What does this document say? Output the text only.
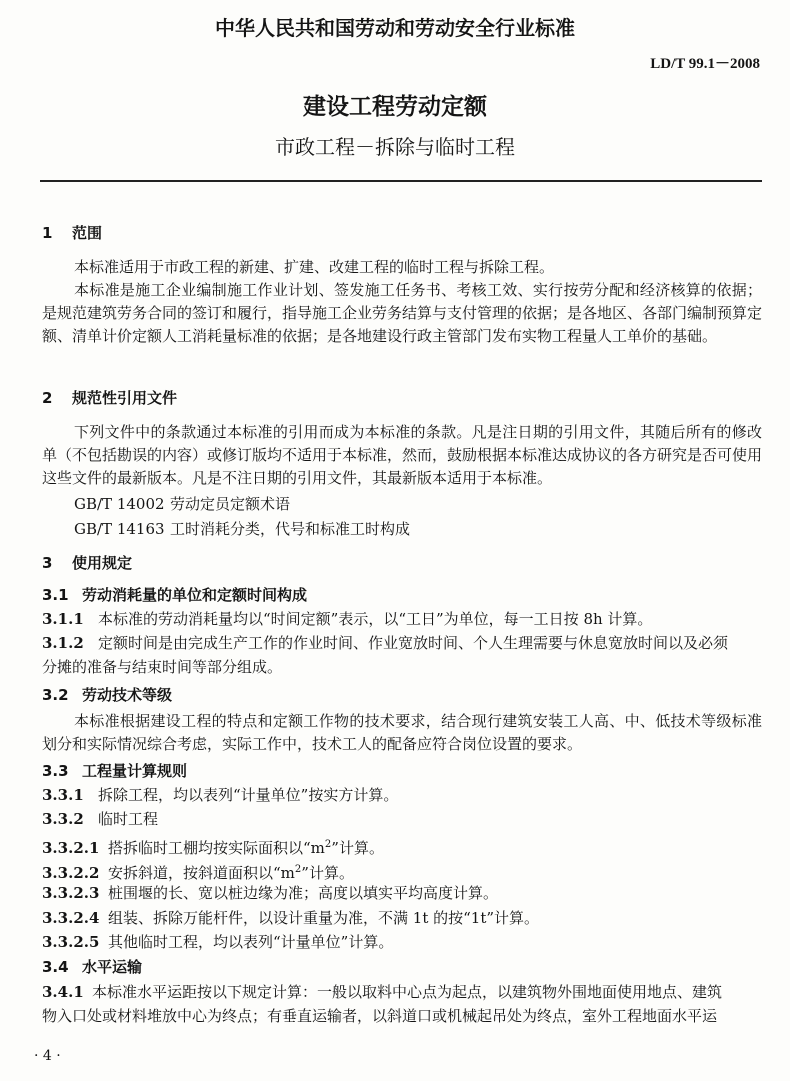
中华人民共和国劳动和劳动安全行业标准
LD/T 99.1－2008
建设工程劳动定额
市政工程－拆除与临时工程
1 范围

本标准适用于市政工程的新建、扩建、改建工程的临时工程与拆除工程。

本标准是施工企业编制施工作业计划、签发施工任务书、考核工效、实行按劳分配和经济核算的依据；是规范建筑劳务合同的签订和履行，指导施工企业劳务结算与支付管理的依据；是各地区、各部门编制预算定额、清单计价定额人工消耗量标准的依据；是各地建设行政主管部门发布实物工程量人工单价的基础。

2 规范性引用文件

下列文件中的条款通过本标准的引用而成为本标准的条款。凡是注日期的引用文件，其随后所有的修改单（不包括勘误的内容）或修订版均不适用于本标准，然而，鼓励根据本标准达成协议的各方研究是否可使用这些文件的最新版本。凡是不注日期的引用文件，其最新版本适用于本标准。

GB/T 14002 劳动定员定额术语
GB/T 14163 工时消耗分类，代号和标准工时构成
3 使用规定
3.1 劳动消耗量的单位和定额时间构成
3.1.1 本标准的劳动消耗量均以“时间定额”表示，以“工日”为单位，每一工日按 8h 计算。
3.1.2 定额时间是由完成生产工作的作业时间、作业宽放时间、个人生理需要与休息宽放时间以及必须
分摊的准备与结束时间等部分组成。
3.2 劳动技术等级

本标准根据建设工程的特点和定额工作物的技术要求，结合现行建筑安装工人高、中、低技术等级标准划分和实际情况综合考虑，实际工作中，技术工人的配备应符合岗位设置的要求。

3.3 工程量计算规则
3.3.1 拆除工程，均以表列“计量单位”按实方计算。
3.3.2 临时工程
3.3.2.1 搭拆临时工棚均按实际面积以“$m^2$”计算。
3.3.2.2 安拆斜道，按斜道面积以“$m^2$”计算。
3.3.2.3 桩围堰的长、宽以桩边缘为准；高度以填实平均高度计算。
3.3.2.4 组装、拆除万能杆件，以设计重量为准，不满 1t 的按“1t”计算。
3.3.2.5 其他临时工程，均以表列“计量单位”计算。
3.4 水平运输
3.4.1 本标准水平运距按以下规定计算：一般以取料中心点为起点，以建筑物外围地面使用地点、建筑
物入口处或材料堆放中心为终点；有垂直运输者，以斜道口或机械起吊处为终点，室外工程地面水平运
· 4 ·
